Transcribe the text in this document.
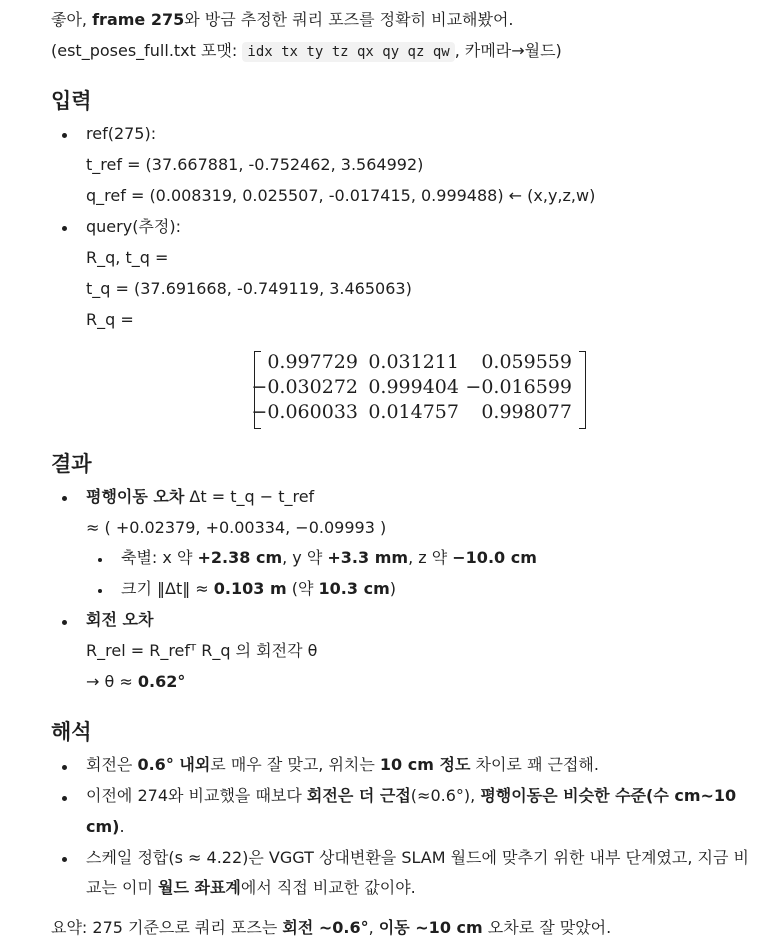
좋아, frame 275와 방금 추정한 쿼리 포즈를 정확히 비교해봤어.
(est_poses_full.txt 포맷: idx tx ty tz qx qy qz qw , 카메라→월드)
입력
ref(275):
t_ref = (37.667881, -0.752462, 3.564992)
q_ref = (0.008319, 0.025507, -0.017415, 0.999488) ← (x,y,z,w)
query(추정):
R_q, t_q =
t_q = (37.691668, -0.749119, 3.465063)
R_q =
0.997729 0.031211 0.059559
−0.030272 0.999404 −0.016599
−0.060033 0.014757 0.998077
결과
평행이동 오차 Δt = t_q − t_ref
≈ ( +0.02379, +0.00334, −0.09993 )
축별: x 약 +2.38 cm, y 약 +3.3 mm, z 약 −10.0 cm
크기 ‖Δt‖ ≈ 0.103 m (약 10.3 cm)
회전 오차
R_rel = R_refᵀ R_q 의 회전각 θ
→ θ ≈ 0.62°
해석
회전은 0.6° 내외로 매우 잘 맞고, 위치는 10 cm 정도 차이로 꽤 근접해.
이전에 274와 비교했을 때보다 회전은 더 근접(≈0.6°), 평행이동은 비슷한 수준(수 cm~10
cm).
스케일 정합(s ≈ 4.22)은 VGGT 상대변환을 SLAM 월드에 맞추기 위한 내부 단계였고, 지금 비
교는 이미 월드 좌표계에서 직접 비교한 값이야.
요약: 275 기준으로 쿼리 포즈는 회전 ~0.6°, 이동 ~10 cm 오차로 잘 맞았어.
